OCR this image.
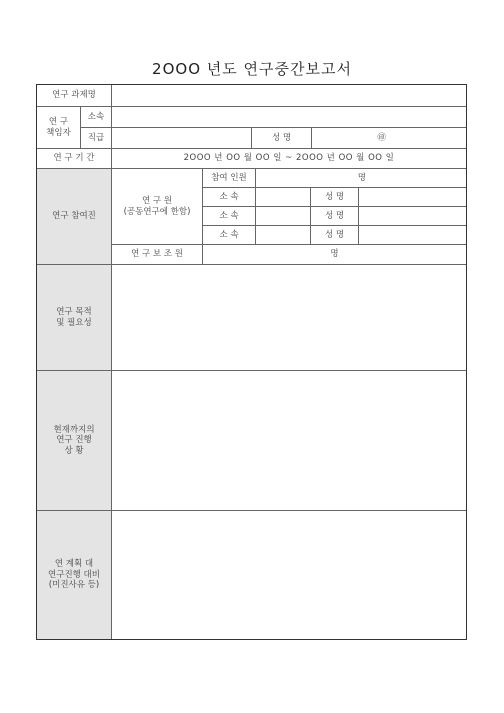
2OOO 년도 연구중간보고서
연구 과제명
연 구
책임자
소속
직급	성 명	㊞
연 구 기 간	2OOO 년 OO 월 OO 일 ~ 2OOO 년 OO 월 OO 일
연구 참여진
연 구 원
(공동연구에 한함)
참여 인원	명
소 속	성 명
소 속	성 명
소 속	성 명
연 구 보 조 원	명
연구 목적
및 필요성
현재까지의
연구 진행
상 황
연 계획 대
연구진행 대비
(미진사유 등)
